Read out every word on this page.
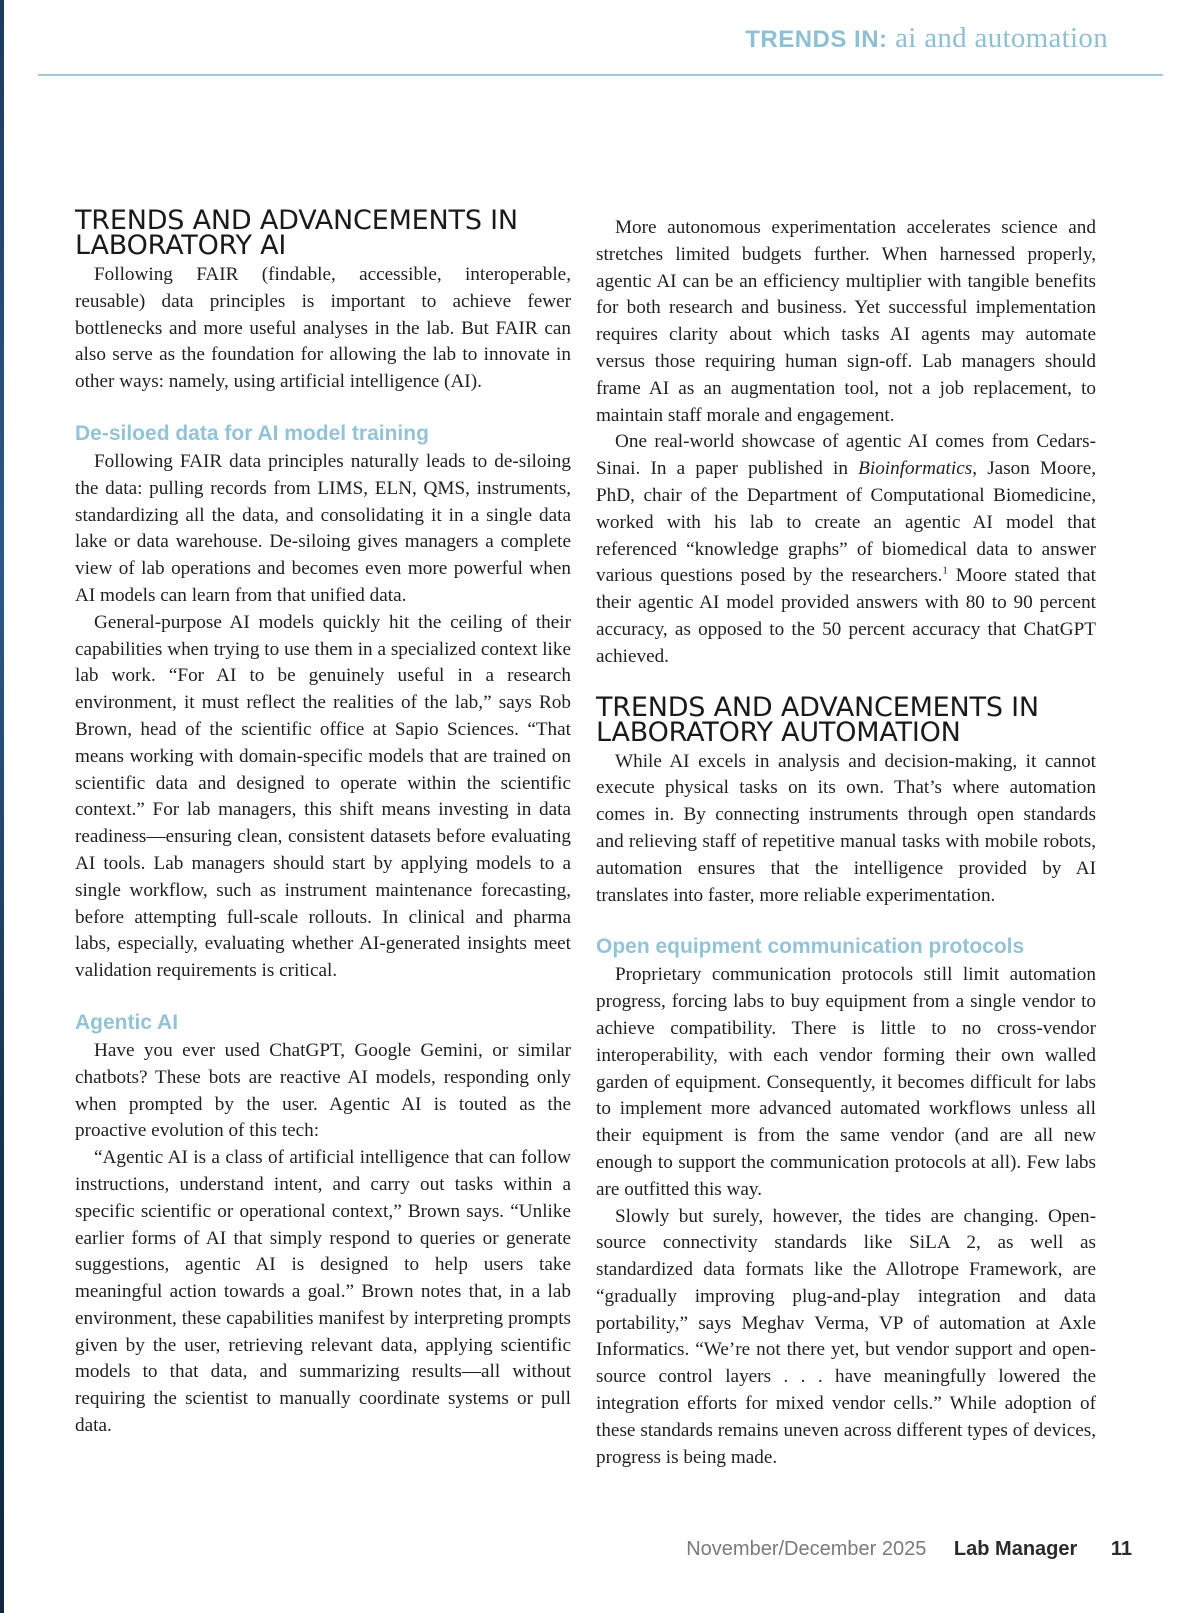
TRENDS IN: ai and automation
TRENDS AND ADVANCEMENTS IN LABORATORY AI

Following FAIR (findable, accessible, interoperable, reusable) data principles is important to achieve fewer bottlenecks and more useful analyses in the lab. But FAIR can also serve as the foundation for allowing the lab to innovate in other ways: namely, using artificial intelligence (AI).

De-siloed data for AI model training

Following FAIR data principles naturally leads to de-siloing the data: pulling records from LIMS, ELN, QMS, instruments, standardizing all the data, and consolidating it in a single data lake or data warehouse. De-siloing gives managers a complete view of lab operations and becomes even more powerful when AI models can learn from that unified data.

General-purpose AI models quickly hit the ceiling of their capabilities when trying to use them in a specialized context like lab work. “For AI to be genuinely useful in a research environment, it must reflect the realities of the lab,” says Rob Brown, head of the scientific office at Sapio Sciences. “That means working with domain-specific models that are trained on scientific data and designed to operate within the scientific context.” For lab managers, this shift means investing in data readiness—ensuring clean, consistent datasets before evaluating AI tools. Lab managers should start by applying models to a single workflow, such as instrument maintenance forecasting, before attempting full-scale rollouts. In clinical and pharma labs, especially, evaluating whether AI-generated insights meet validation requirements is critical.

Agentic AI

Have you ever used ChatGPT, Google Gemini, or similar chatbots? These bots are reactive AI models, responding only when prompted by the user. Agentic AI is touted as the proactive evolution of this tech:

“Agentic AI is a class of artificial intelligence that can follow instructions, understand intent, and carry out tasks within a specific scientific or operational context,” Brown says. “Unlike earlier forms of AI that simply respond to queries or generate suggestions, agentic AI is designed to help users take meaningful action towards a goal.” Brown notes that, in a lab environment, these capabilities manifest by interpreting prompts given by the user, retrieving relevant data, applying scientific models to that data, and summarizing results—all without requiring the scientist to manually coordinate systems or pull data.

More autonomous experimentation accelerates science and stretches limited budgets further. When harnessed properly, agentic AI can be an efficiency multiplier with tangible benefits for both research and business. Yet successful implementation requires clarity about which tasks AI agents may automate versus those requiring human sign-off. Lab managers should frame AI as an augmentation tool, not a job replacement, to maintain staff morale and engagement.

One real-world showcase of agentic AI comes from Cedars-Sinai. In a paper published in Bioinformatics, Jason Moore, PhD, chair of the Department of Computational Biomedicine, worked with his lab to create an agentic AI model that referenced “knowledge graphs” of biomedical data to answer various questions posed by the researchers.$^1$ Moore stated that their agentic AI model provided answers with 80 to 90 percent accuracy, as opposed to the 50 percent accuracy that ChatGPT achieved.

TRENDS AND ADVANCEMENTS IN LABORATORY AUTOMATION

While AI excels in analysis and decision-making, it cannot execute physical tasks on its own. That’s where automation comes in. By connecting instruments through open standards and relieving staff of repetitive manual tasks with mobile robots, automation ensures that the intelligence provided by AI translates into faster, more reliable experimentation.

Open equipment communication protocols

Proprietary communication protocols still limit automation progress, forcing labs to buy equipment from a single vendor to achieve compatibility. There is little to no cross-vendor interoperability, with each vendor forming their own walled garden of equipment. Consequently, it becomes difficult for labs to implement more advanced automated workflows unless all their equipment is from the same vendor (and are all new enough to support the communication protocols at all). Few labs are outfitted this way.

Slowly but surely, however, the tides are changing. Open-source connectivity standards like SiLA 2, as well as standardized data formats like the Allotrope Framework, are “gradually improving plug-and-play integration and data portability,” says Meghav Verma, VP of automation at Axle Informatics. “We’re not there yet, but vendor support and open-source control layers . . . have meaningfully lowered the integration efforts for mixed vendor cells.” While adoption of these standards remains uneven across different types of devices, progress is being made.

November/December 2025 Lab Manager 11
